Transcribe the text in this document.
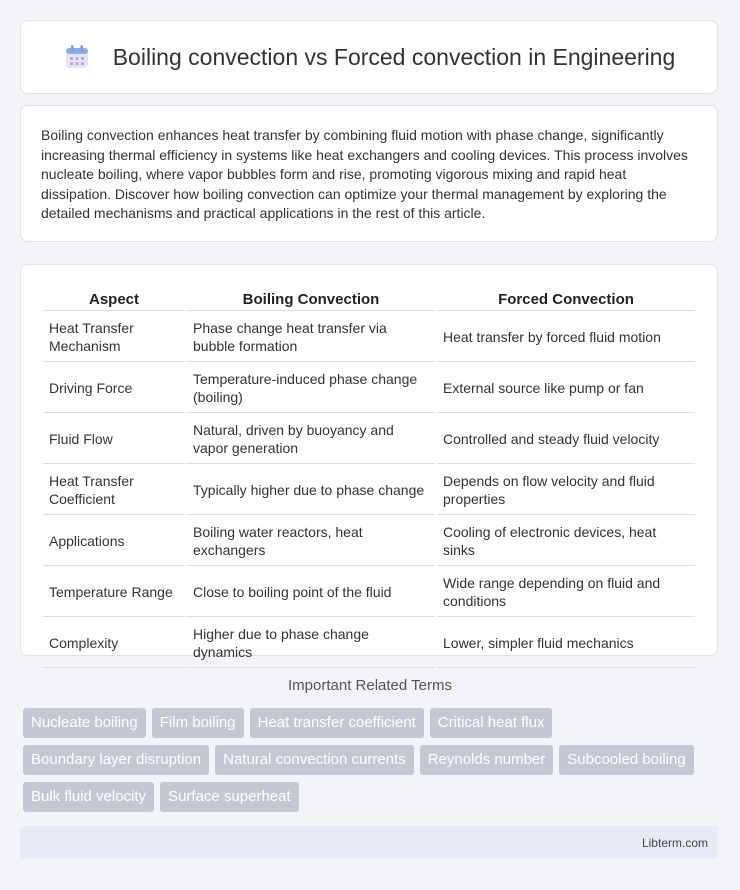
Boiling convection vs Forced convection in Engineering

Boiling convection enhances heat transfer by combining fluid motion with phase change, significantly increasing thermal efficiency in systems like heat exchangers and cooling devices. This process involves nucleate boiling, where vapor bubbles form and rise, promoting vigorous mixing and rapid heat dissipation. Discover how boiling convection can optimize your thermal management by exploring the detailed mechanisms and practical applications in the rest of this article.

Aspect	Boiling Convection	Forced Convection
Heat Transfer Mechanism	Phase change heat transfer via bubble formation	Heat transfer by forced fluid motion
Driving Force	Temperature-induced phase change (boiling)	External source like pump or fan
Fluid Flow	Natural, driven by buoyancy and vapor generation	Controlled and steady fluid velocity
Heat Transfer Coefficient	Typically higher due to phase change	Depends on flow velocity and fluid properties
Applications	Boiling water reactors, heat exchangers	Cooling of electronic devices, heat sinks
Temperature Range	Close to boiling point of the fluid	Wide range depending on fluid and conditions
Complexity	Higher due to phase change dynamics	Lower, simpler fluid mechanics
Important Related Terms
Nucleate boiling	Film boiling	Heat transfer coefficient	Critical heat flux
Boundary layer disruption	Natural convection currents	Reynolds number	Subcooled boiling
Bulk fluid velocity	Surface superheat
Libterm.com
